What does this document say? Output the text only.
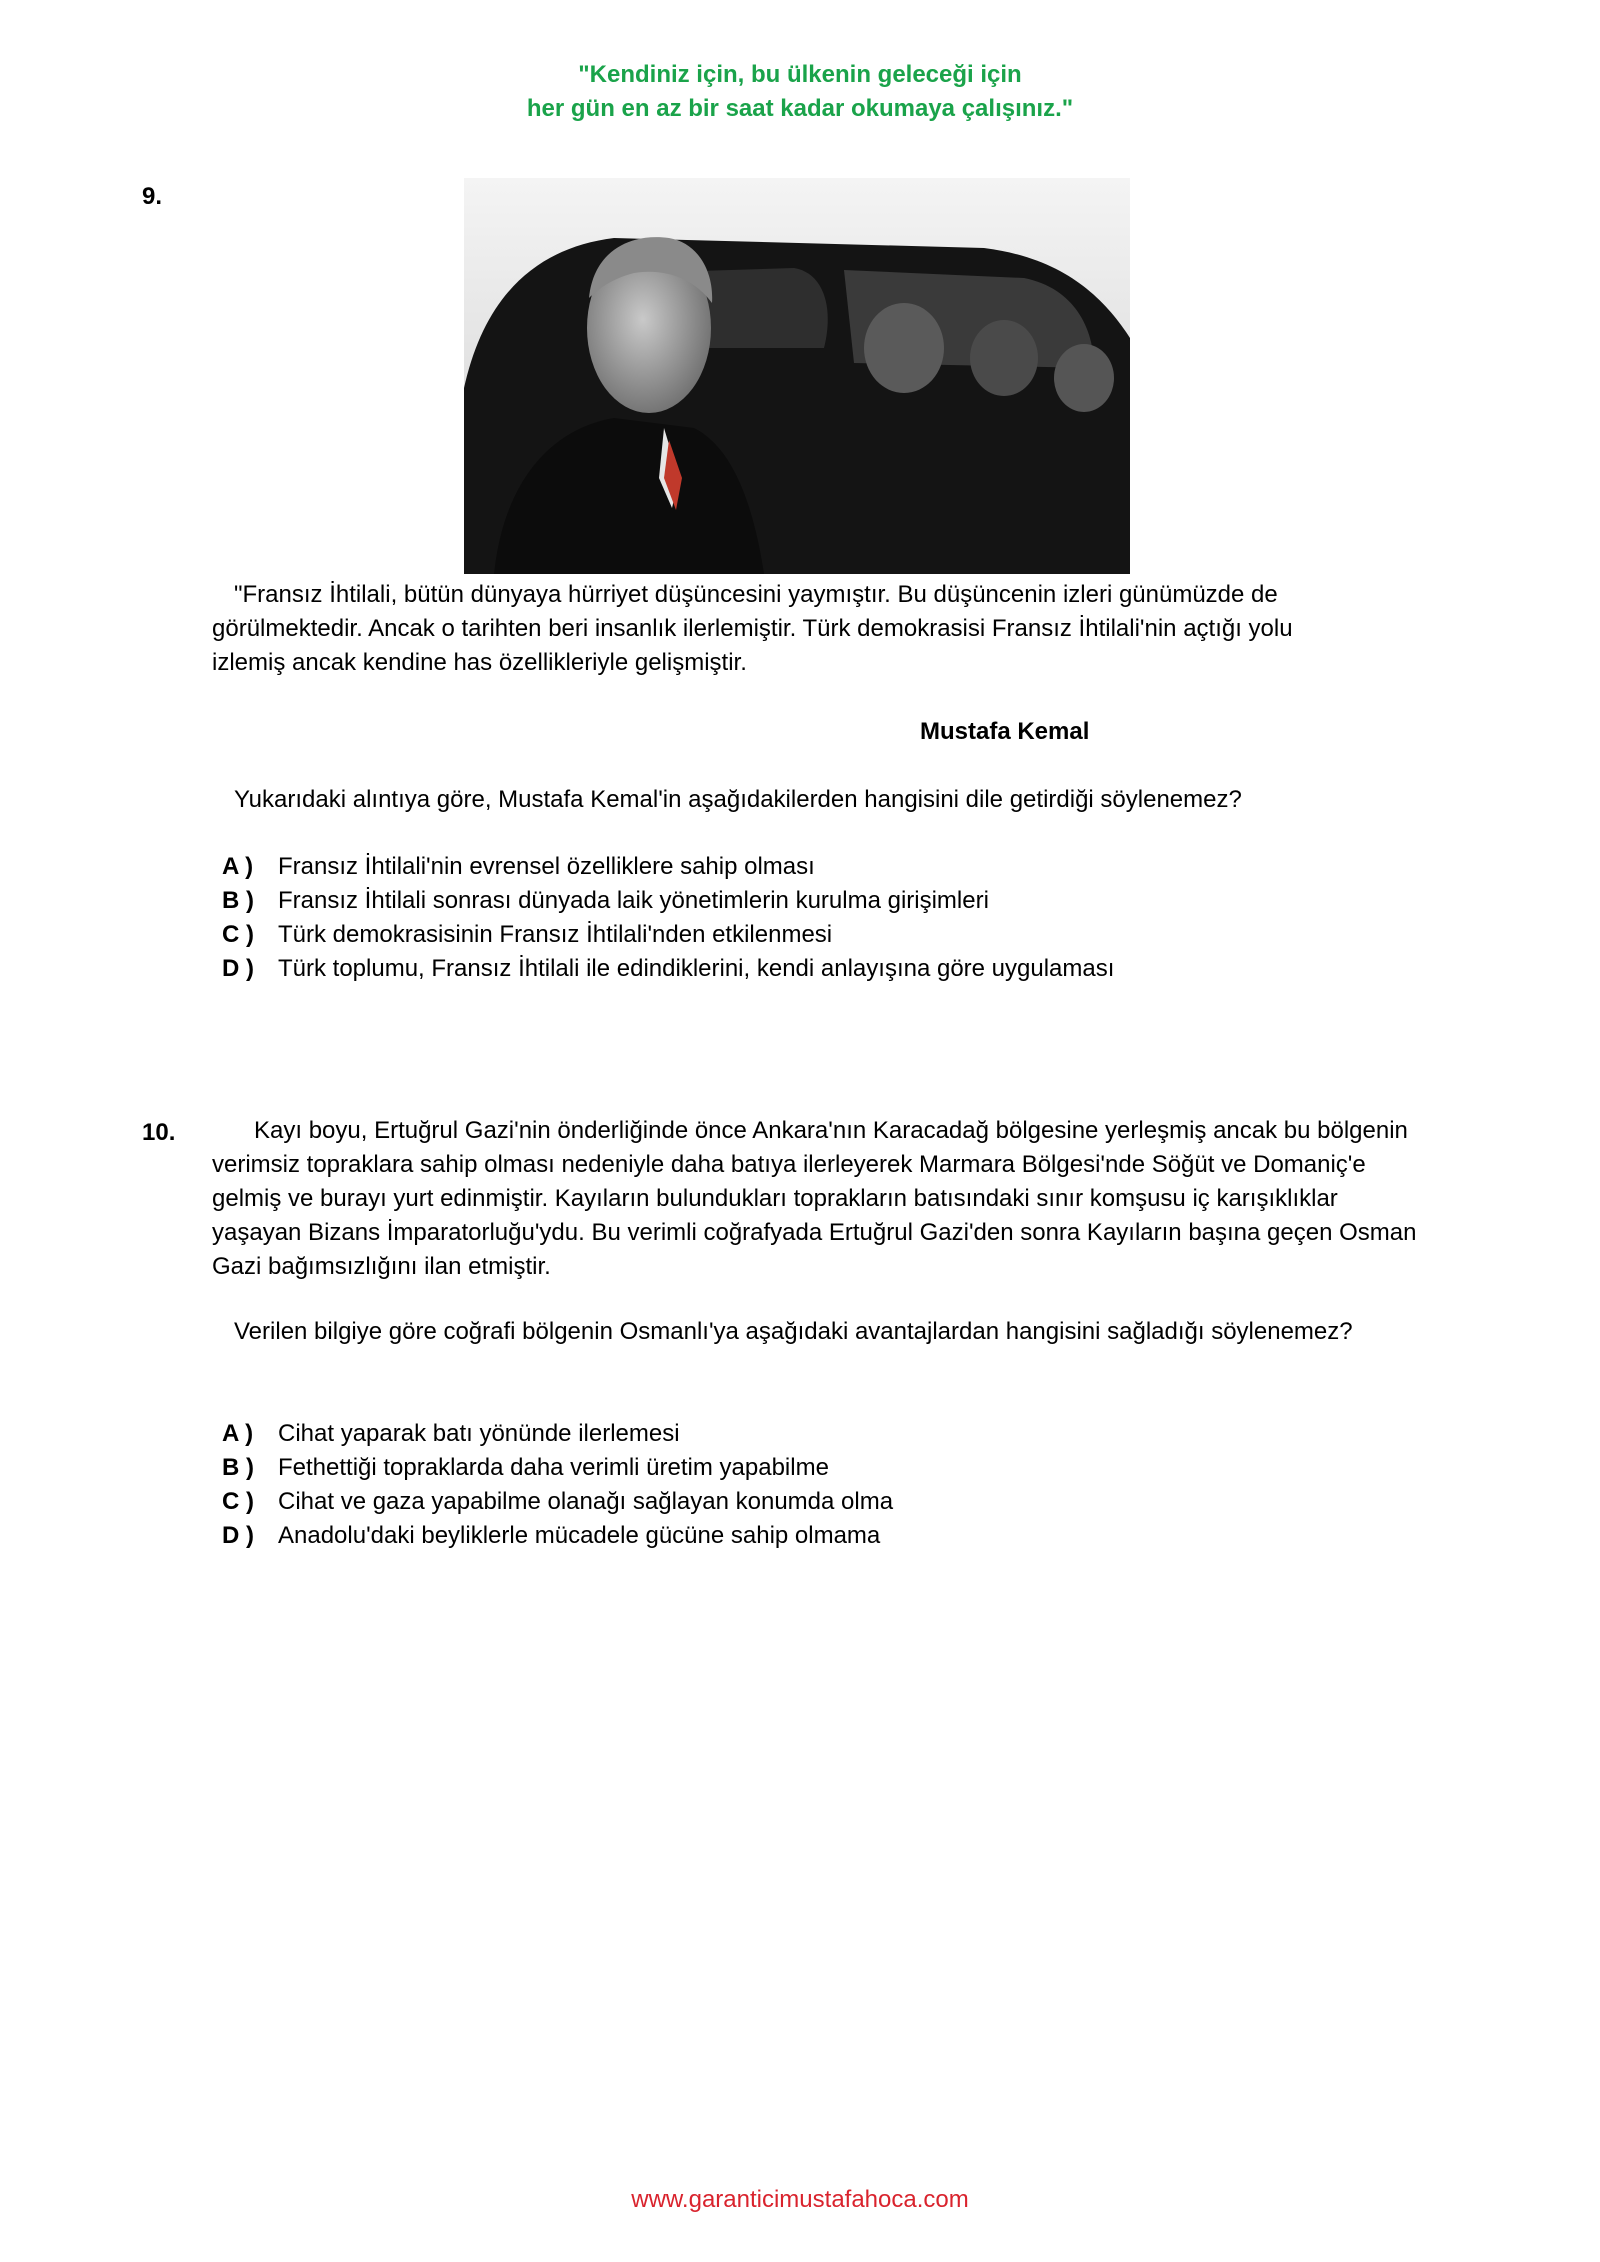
"Kendiniz için, bu ülkenin geleceği için
her gün en az bir saat kadar okumaya çalışınız."
9.
"Fransız İhtilali, bütün dünyaya hürriyet düşüncesini yaymıştır. Bu düşüncenin izleri günümüzde de görülmektedir. Ancak o tarihten beri insanlık ilerlemiştir. Türk demokrasisi Fransız İhtilali'nin açtığı yolu izlemiş ancak kendine has özellikleriyle gelişmiştir.
Mustafa Kemal
Yukarıdaki alıntıya göre, Mustafa Kemal'in aşağıdakilerden hangisini dile getirdiği söylenemez?
A )	Fransız İhtilali'nin evrensel özelliklere sahip olması
B )	Fransız İhtilali sonrası dünyada laik yönetimlerin kurulma girişimleri
C )	Türk demokrasisinin Fransız İhtilali'nden etkilenmesi
D )	Türk toplumu, Fransız İhtilali ile edindiklerini, kendi anlayışına göre uygulaması
10.	Kayı boyu, Ertuğrul Gazi'nin önderliğinde önce Ankara'nın Karacadağ bölgesine yerleşmiş ancak bu bölgenin verimsiz topraklara sahip olması nedeniyle daha batıya ilerleyerek Marmara Bölgesi'nde Söğüt ve Domaniç'e gelmiş ve burayı yurt edinmiştir. Kayıların bulundukları toprakların batısındaki sınır komşusu iç karışıklıklar yaşayan Bizans İmparatorluğu'ydu. Bu verimli coğrafyada Ertuğrul Gazi'den sonra Kayıların başına geçen Osman Gazi bağımsızlığını ilan etmiştir.
Verilen bilgiye göre coğrafi bölgenin Osmanlı'ya aşağıdaki avantajlardan hangisini sağladığı söylenemez?
A )	Cihat yaparak batı yönünde ilerlemesi
B )	Fethettiği topraklarda daha verimli üretim yapabilme
C )	Cihat ve gaza yapabilme olanağı sağlayan konumda olma
D )	Anadolu'daki beyliklerle mücadele gücüne sahip olmama
www.garanticimustafahoca.com
